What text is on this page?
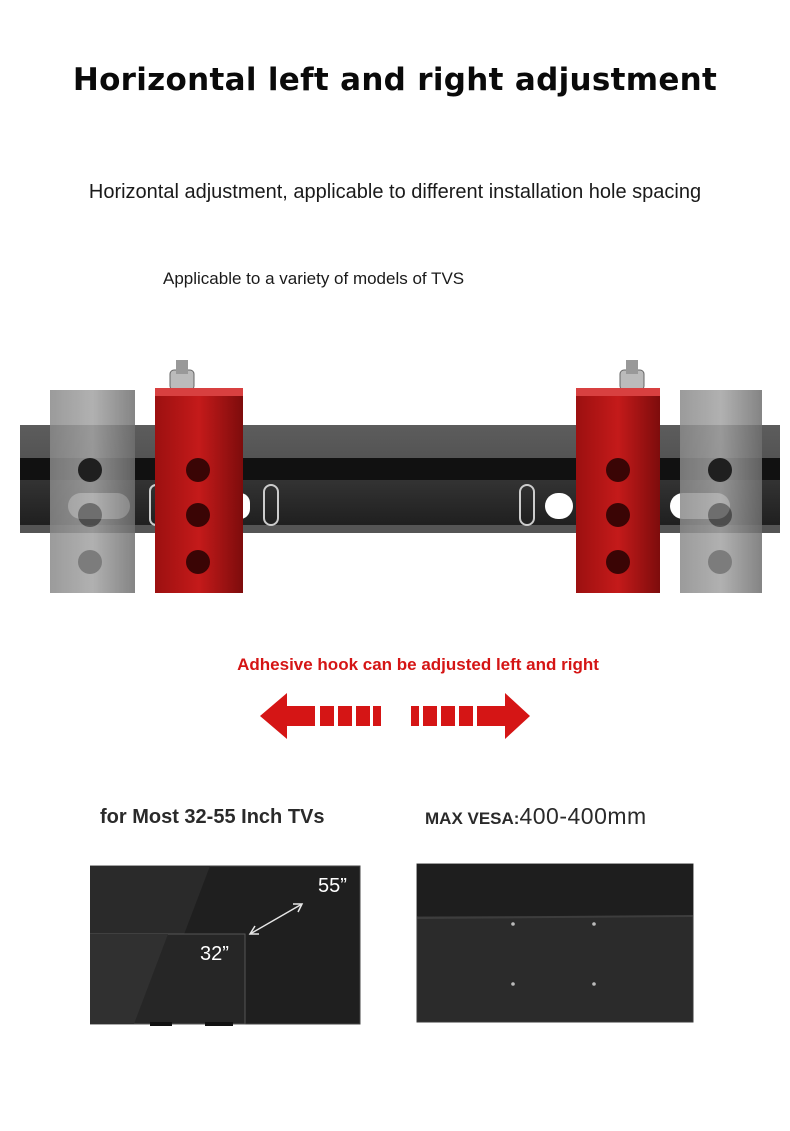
Horizontal left and right adjustment
Horizontal adjustment, applicable to different installation hole spacing
Applicable to a variety of models of TVS
Adhesive hook can be adjusted left and right
for Most 32-55 Inch TVs	MAX VESA:400-400mm
55”
32”
